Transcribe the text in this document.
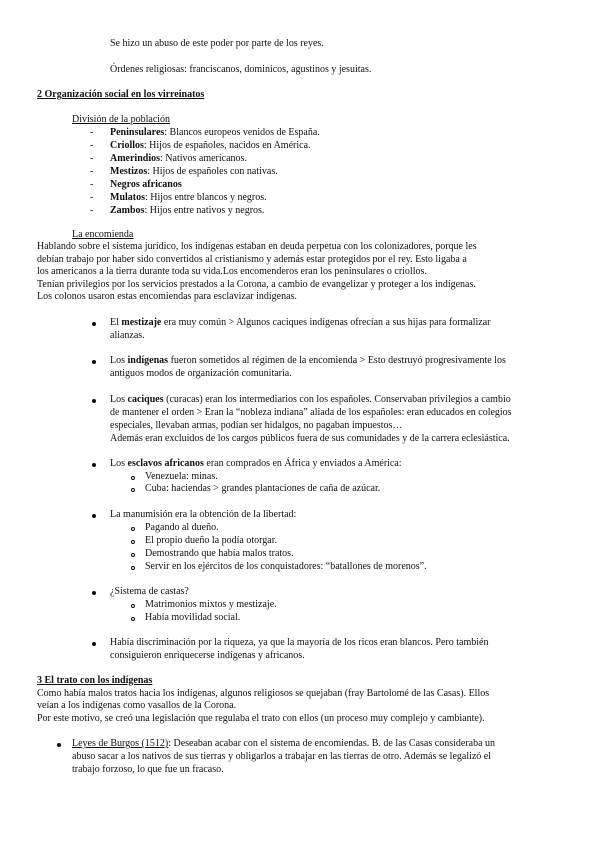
Se hizo un abuso de este poder por parte de los reyes.
Órdenes religiosas: franciscanos, dominicos, agustinos y jesuitas.
2 Organización social en los virreinatos
División de la población
- Peninsulares: Blancos europeos venidos de España.
- Criollos: Hijos de españoles, nacidos en América.
- Amerindios: Nativos americanos.
- Mestizos: Hijos de españoles con nativas.
- Negros africanos
- Mulatos: Hijos entre blancos y negros.
- Zambos: Hijos entre nativos y negros.
La encomienda
Hablando sobre el sistema jurídico, los indígenas estaban en deuda perpetua con los colonizadores, porque les
debían trabajo por haber sido convertidos al cristianismo y además estar protegidos por el rey. Esto ligaba a
los americanos a la tierra durante toda su vida.Los encomenderos eran los peninsulares o criollos.
Tenían privilegios por los servicios prestados a la Corona, a cambio de evangelizar y proteger a los indígenas.
Los colonos usaron estas encomiendas para esclavizar indígenas.
El mestizaje era muy común > Algunos caciques indígenas ofrecían a sus hijas para formalizar
alianzas.
Los indígenas fueron sometidos al régimen de la encomienda > Esto destruyó progresivamente los
antiguos modos de organización comunitaria.
Los caciques (curacas) eran los intermediarios con los españoles. Conservaban privilegios a cambio
de mantener el orden > Eran la “nobleza indiana” aliada de los españoles: eran educados en colegios
especiales, llevaban armas, podían ser hidalgos, no pagaban impuestos…
Además eran excluidos de los cargos públicos fuera de sus comunidades y de la carrera eclesiástica.
Los esclavos africanos eran comprados en África y enviados a América:
Venezuela: minas.
Cuba: haciendas > grandes plantaciones de caña de azúcar.
La manumisión era la obtención de la libertad:
Pagando al dueño.
El propio dueño la podía otorgar.
Demostrando que había malos tratos.
Servir en los ejércitos de los conquistadores: “batallones de morenos”.
¿Sistema de castas?
Matrimonios mixtos y mestizaje.
Había movilidad social.
Había discriminación por la riqueza, ya que la mayoría de los ricos eran blancos. Pero también
consiguieron enriquecerse indígenas y africanos.
3 El trato con los indígenas
Como había malos tratos hacia los indígenas, algunos religiosos se quejaban (fray Bartolomé de las Casas). Ellos
veían a los indígenas como vasallos de la Corona.
Por este motivo, se creó una legislación que regulaba el trato con ellos (un proceso muy complejo y cambiante).
Leyes de Burgos (1512): Deseaban acabar con el sistema de encomiendas. B. de las Casas consideraba un
abuso sacar a los nativos de sus tierras y obligarlos a trabajar en las tierras de otro. Además se legalizó el
trabajo forzoso, lo que fue un fracaso.
